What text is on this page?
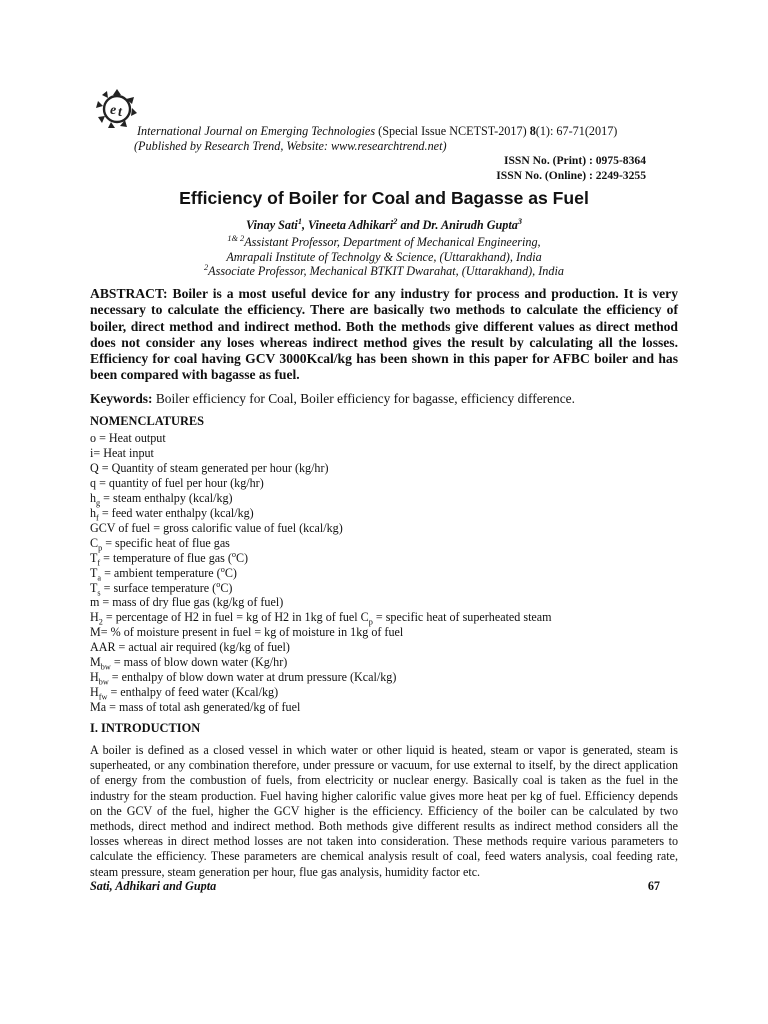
e t
International Journal on Emerging Technologies (Special Issue NCETST-2017) 8(1): 67-71(2017)
(Published by Research Trend, Website: www.researchtrend.net)
ISSN No. (Print) : 0975-8364
ISSN No. (Online) : 2249-3255
Efficiency of Boiler for Coal and Bagasse as Fuel
Vinay Sati$^1$, Vineeta Adhikari$^2$ and Dr. Anirudh Gupta$^3$
$^{1\& 2}$Assistant Professor, Department of Mechanical Engineering,
Amrapali Institute of Technolgy & Science, (Uttarakhand), India
$^2$Associate Professor, Mechanical BTKIT Dwarahat, (Uttarakhand), India
ABSTRACT: Boiler is a most useful device for any industry for process and production. It is very necessary to calculate the efficiency. There are basically two methods to calculate the efficiency of boiler, direct method and indirect method. Both the methods give different values as direct method does not consider any loses whereas indirect method gives the result by calculating all the losses. Efficiency for coal having GCV 3000Kcal/kg has been shown in this paper for AFBC boiler and has been compared with bagasse as fuel.
Keywords: Boiler efficiency for Coal, Boiler efficiency for bagasse, efficiency difference.
NOMENCLATURES
o = Heat output
i= Heat input
Q = Quantity of steam generated per hour (kg/hr)
q = quantity of fuel per hour (kg/hr)
$h_g$ = steam enthalpy (kcal/kg)
$h_f$ = feed water enthalpy (kcal/kg)
GCV of fuel = gross calorific value of fuel (kcal/kg)
$C_p$ = specific heat of flue gas
$T_f$ = temperature of flue gas ($^o$C)
$T_a$ = ambient temperature ($^o$C)
$T_s$ = surface temperature ($^o$C)
m = mass of dry flue gas (kg/kg of fuel)
$H_2$ = percentage of H2 in fuel = kg of H2 in 1kg of fuel $C_p$ = specific heat of superheated steam
M= % of moisture present in fuel = kg of moisture in 1kg of fuel
AAR = actual air required (kg/kg of fuel)
$M_{bw}$ = mass of blow down water (Kg/hr)
$H_{bw}$ = enthalpy of blow down water at drum pressure (Kcal/kg)
$H_{fw}$ = enthalpy of feed water (Kcal/kg)
Ma = mass of total ash generated/kg of fuel
I. INTRODUCTION

A boiler is defined as a closed vessel in which water or other liquid is heated, steam or vapor is generated, steam is superheated, or any combination therefore, under pressure or vacuum, for use external to itself, by the direct application of energy from the combustion of fuels, from electricity or nuclear energy. Basically coal is taken as the fuel in the industry for the steam production. Fuel having higher calorific value gives more heat per kg of fuel. Efficiency depends on the GCV of the fuel, higher the GCV higher is the efficiency. Efficiency of the boiler can be calculated by two methods, direct method and indirect method. Both methods give different results as indirect method considers all the losses whereas in direct method losses are not taken into consideration. These methods require various parameters to calculate the efficiency. These parameters are chemical analysis result of coal, feed waters analysis, coal feeding rate, steam pressure, steam generation per hour, flue gas analysis, humidity factor etc.

Sati, Adhikari and Gupta	67
